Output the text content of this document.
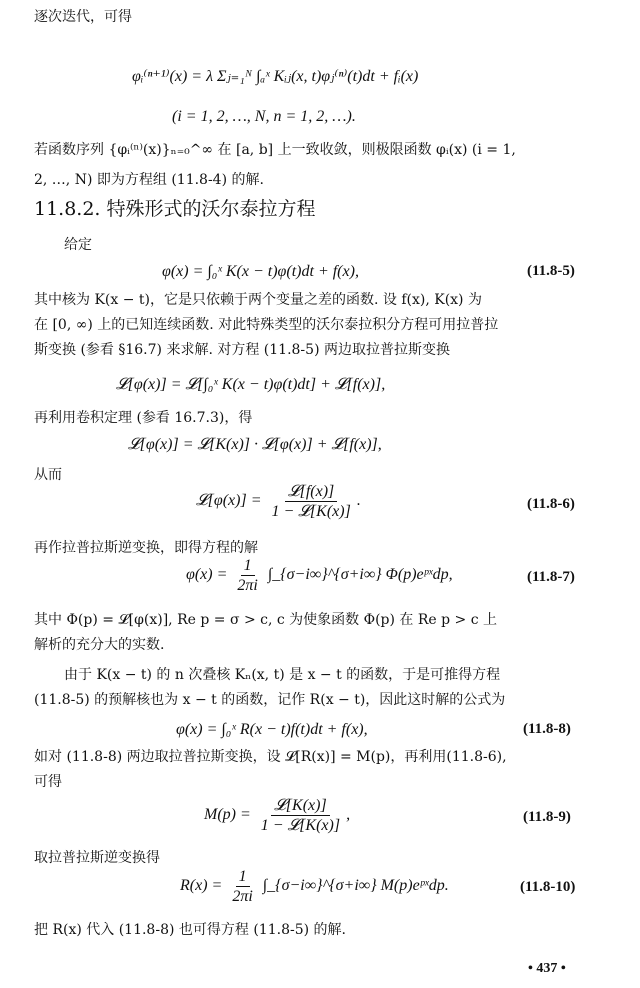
逐次迭代，可得
φᵢ⁽ⁿ⁺¹⁾(x) = λ Σⱼ₌₁ᴺ ∫ₐˣ Kᵢⱼ(x, t)φⱼ⁽ⁿ⁾(t)dt + fᵢ(x)
(i = 1, 2, …, N, n = 1, 2, …).
若函数序列 {φᵢ⁽ⁿ⁾(x)}ₙ₌₀^∞ 在 [a, b] 上一致收敛，则极限函数 φᵢ(x) (i = 1,
2, …, N) 即为方程组 (11.8-4) 的解.
11.8.2. 特殊形式的沃尔泰拉方程
给定
φ(x) = ∫₀ˣ K(x − t)φ(t)dt + f(x),	(11.8-5)
其中核为 K(x − t)，它是只依赖于两个变量之差的函数. 设 f(x), K(x) 为
在 [0, ∞) 上的已知连续函数. 对此特殊类型的沃尔泰拉积分方程可用拉普拉
斯变换 (参看 §16.7) 来求解. 对方程 (11.8-5) 两边取拉普拉斯变换
𝓛[φ(x)] = 𝓛[∫₀ˣ K(x − t)φ(t)dt] + 𝓛[f(x)],
再利用卷积定理 (参看 16.7.3)，得
𝓛[φ(x)] = 𝓛[K(x)] · 𝓛[φ(x)] + 𝓛[f(x)],
从而
𝓛[φ(x)] = $\frac{\text{𝓛[f(x)]}}{\text{1 − 𝓛[K(x)]}}$ .	(11.8-6)
再作拉普拉斯逆变换，即得方程的解
$\varphi(x) = \frac{1}{2\pi i}$ ∫_{σ−i∞}^{σ+i∞} Φ(p)eᵖˣdp,	(11.8-7)
其中 Φ(p) = 𝓛[φ(x)], Re p = σ > c, c 为使象函数 Φ(p) 在 Re p > c 上
解析的充分大的实数.
由于 K(x − t) 的 n 次叠核 Kₙ(x, t) 是 x − t 的函数，于是可推得方程
(11.8-5) 的预解核也为 x − t 的函数，记作 R(x − t)，因此这时解的公式为
φ(x) = ∫₀ˣ R(x − t)f(t)dt + f(x),	(11.8-8)
如对 (11.8-8) 两边取拉普拉斯变换，设 𝓛[R(x)] = M(p)，再利用(11.8-6),
可得
$M(p) = \frac{\text{𝓛[K(x)]}}{\text{1 − 𝓛[K(x)]}}$ ,	(11.8-9)
取拉普拉斯逆变换得
$R(x) = \frac{1}{2\pi i}$ ∫_{σ−i∞}^{σ+i∞} M(p)eᵖˣdp.	(11.8-10)
把 R(x) 代入 (11.8-8) 也可得方程 (11.8-5) 的解.
• 437 •
